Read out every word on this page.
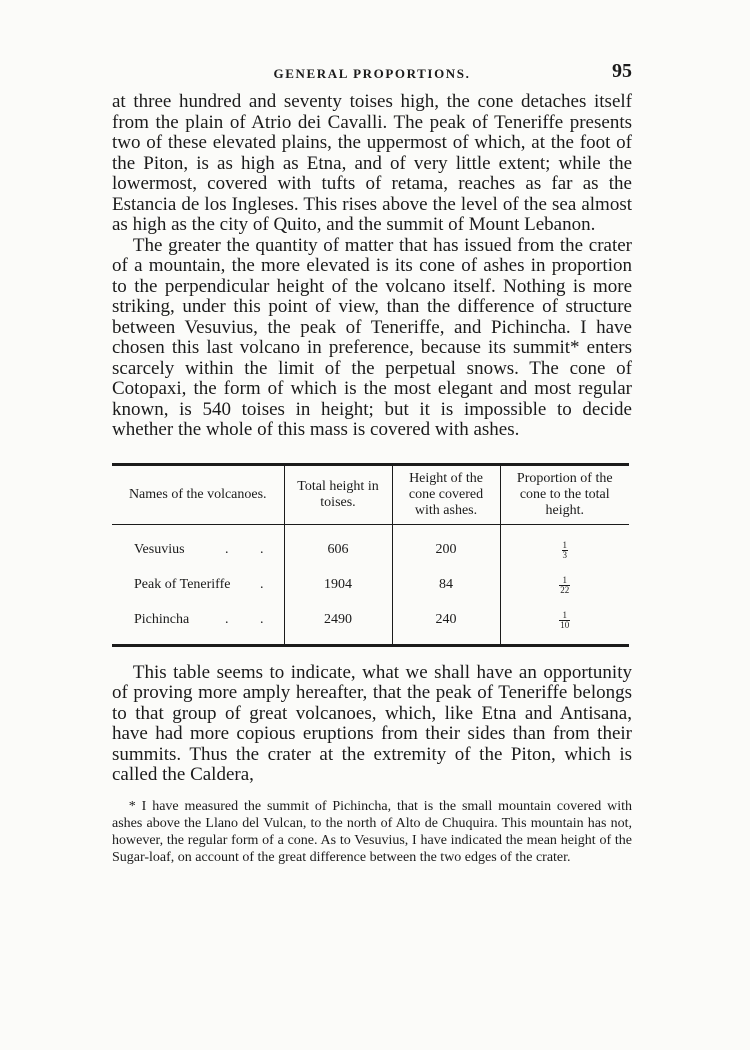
GENERAL PROPORTIONS.	95

at three hundred and seventy toises high, the cone detaches itself from the plain of Atrio dei Cavalli. The peak of Teneriffe presents two of these elevated plains, the uppermost of which, at the foot of the Piton, is as high as Etna, and of very little extent; while the lowermost, covered with tufts of retama, reaches as far as the Estancia de los Ingleses. This rises above the level of the sea almost as high as the city of Quito, and the summit of Mount Lebanon.

The greater the quantity of matter that has issued from the crater of a mountain, the more elevated is its cone of ashes in proportion to the perpendicular height of the volcano itself. Nothing is more striking, under this point of view, than the difference of structure between Vesuvius, the peak of Teneriffe, and Pichincha. I have chosen this last volcano in preference, because its summit* enters scarcely within the limit of the perpetual snows. The cone of Cotopaxi, the form of which is the most elegant and most regular known, is 540 toises in height; but it is impossible to decide whether the whole of this mass is covered with ashes.

Names of the volcanoes.	Total height in toises.	Height of the cone covered with ashes.	Proportion of the cone to the total height.
Vesuvius . .	606	200	$\frac{1}{3}$

Peak of Teneriffe .	1904	84	$\frac{1}{22}$

Pichincha . .	2490	240	$\frac{1}{10}$

This table seems to indicate, what we shall have an opportunity of proving more amply hereafter, that the peak of Teneriffe belongs to that group of great volcanoes, which, like Etna and Antisana, have had more copious eruptions from their sides than from their summits. Thus the crater at the extremity of the Piton, which is called the Caldera,

* I have measured the summit of Pichincha, that is the small mountain covered with ashes above the Llano del Vulcan, to the north of Alto de Chuquira. This mountain has not, however, the regular form of a cone. As to Vesuvius, I have indicated the mean height of the Sugar-loaf, on account of the great difference between the two edges of the crater.
